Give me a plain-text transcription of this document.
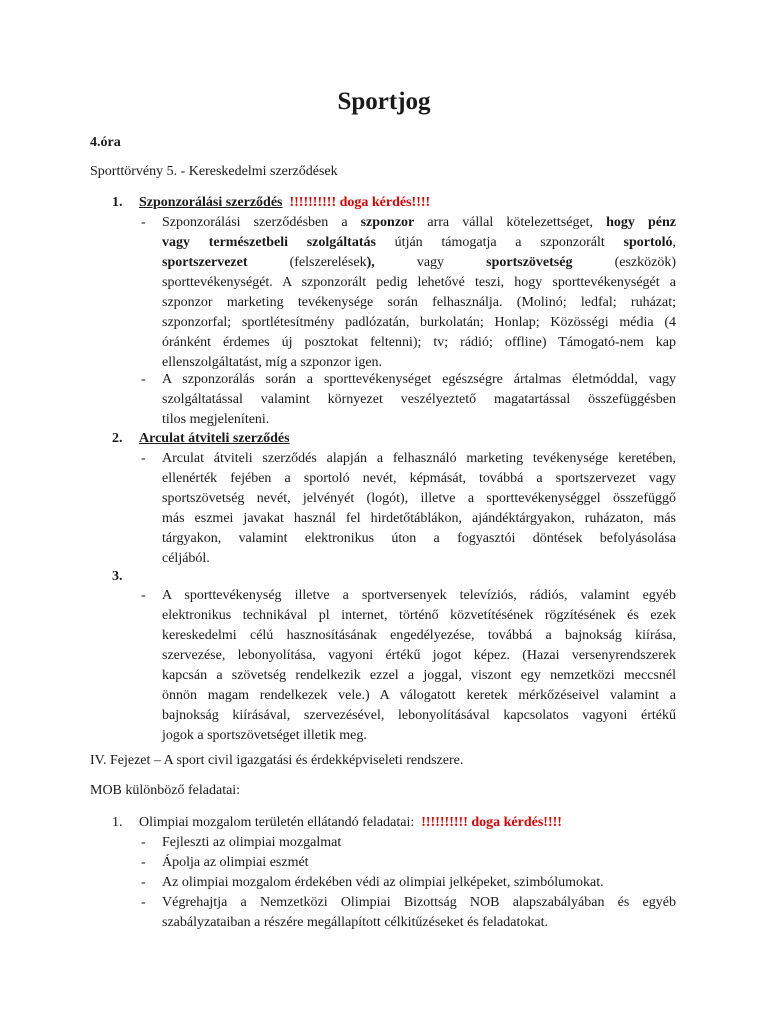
Sportjog
4.óra
Sporttörvény 5. - Kereskedelmi szerződések
1. Szponzorálási szerződés !!!!!!!!!! doga kérdés!!!!
- Szponzorálási szerződésben a szponzor arra vállal kötelezettséget, hogy pénz
vagy természetbeli szolgáltatás útján támogatja a szponzorált sportoló,
sportszervezet (felszerelések), vagy sportszövetség (eszközök)
sporttevékenységét. A szponzorált pedig lehetővé teszi, hogy sporttevékenységét a
szponzor marketing tevékenysége során felhasználja. (Molinó; ledfal; ruházat;
szponzorfal; sportlétesítmény padlózatán, burkolatán; Honlap; Közösségi média (4
óránként érdemes új posztokat feltenni); tv; rádió; offline) Támogató-nem kap
ellenszolgáltatást, míg a szponzor igen.
- A szponzorálás során a sporttevékenységet egészségre ártalmas életmóddal, vagy
szolgáltatással valamint környezet veszélyeztető magatartással összefüggésben
tilos megjeleníteni.
2. Arculat átviteli szerződés
- Arculat átviteli szerződés alapján a felhasználó marketing tevékenysége keretében,
ellenérték fejében a sportoló nevét, képmását, továbbá a sportszervezet vagy
sportszövetség nevét, jelvényét (logót), illetve a sporttevékenységgel összefüggő
más eszmei javakat használ fel hirdetőtáblákon, ajándéktárgyakon, ruházaton, más
tárgyakon, valamint elektronikus úton a fogyasztói döntések befolyásolása
céljából.
3.
- A sporttevékenység illetve a sportversenyek televíziós, rádiós, valamint egyéb
elektronikus technikával pl internet, történő közvetítésének rögzítésének és ezek
kereskedelmi célú hasznosításának engedélyezése, továbbá a bajnokság kiírása,
szervezése, lebonyolítása, vagyoni értékű jogot képez. (Hazai versenyrendszerek
kapcsán a szövetség rendelkezik ezzel a joggal, viszont egy nemzetközi meccsnél
önnön magam rendelkezek vele.) A válogatott keretek mérkőzéseivel valamint a
bajnokság kiírásával, szervezésével, lebonyolításával kapcsolatos vagyoni értékű
jogok a sportszövetséget illetik meg.
IV. Fejezet – A sport civil igazgatási és érdekképviseleti rendszere.
MOB különböző feladatai:
1. Olimpiai mozgalom területén ellátandó feladatai: !!!!!!!!!! doga kérdés!!!!
- Fejleszti az olimpiai mozgalmat
- Ápolja az olimpiai eszmét
- Az olimpiai mozgalom érdekében védi az olimpiai jelképeket, szimbólumokat.
- Végrehajtja a Nemzetközi Olimpiai Bizottság NOB alapszabályában és egyéb
szabályzataiban a részére megállapított célkitűzéseket és feladatokat.
